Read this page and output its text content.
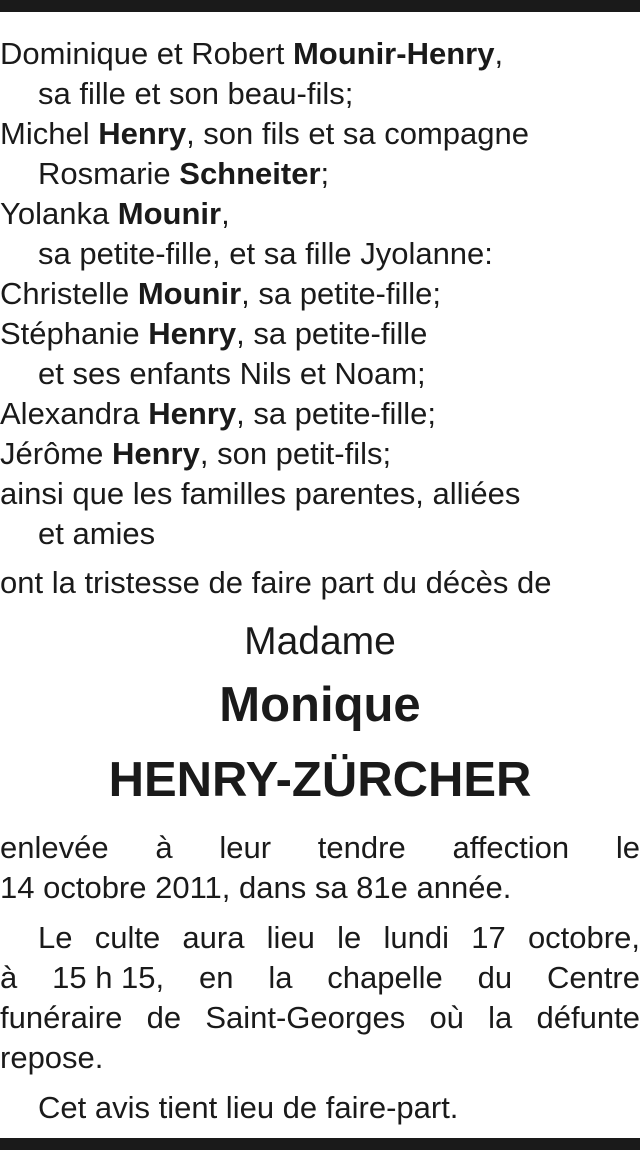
Dominique et Robert Mounir-Henry,
sa fille et son beau-fils;
Michel Henry, son fils et sa compagne
Rosmarie Schneiter;
Yolanka Mounir,
sa petite-fille, et sa fille Jyolanne:
Christelle Mounir, sa petite-fille;
Stéphanie Henry, sa petite-fille
et ses enfants Nils et Noam;
Alexandra Henry, sa petite-fille;
Jérôme Henry, son petit-fils;
ainsi que les familles parentes, alliées
et amies
ont la tristesse de faire part du décès de
Madame
Monique
HENRY-ZÜRCHER
enlevée à leur tendre affection le
14 octobre 2011, dans sa 81e année.
Le culte aura lieu le lundi 17 octobre,
à 15 h 15, en la chapelle du Centre
funéraire de Saint-Georges où la défunte
repose.
Cet avis tient lieu de faire-part.
